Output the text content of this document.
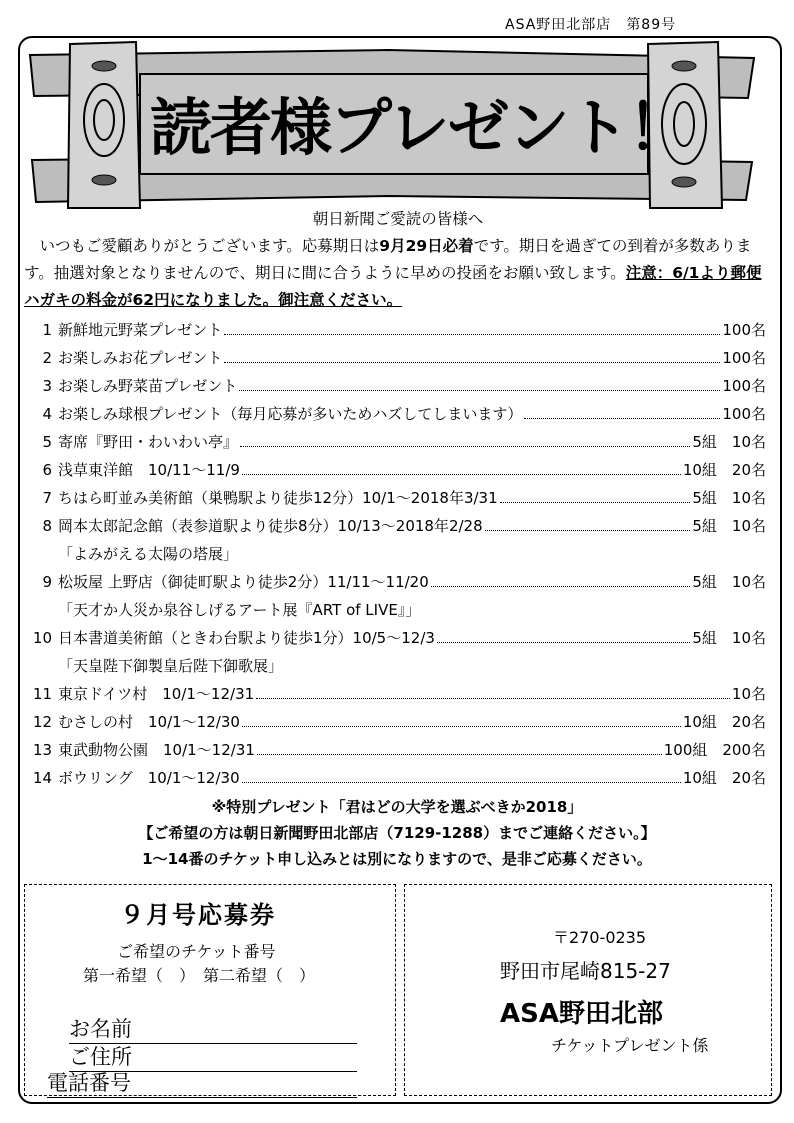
ASA野田北部店　 第89号
読者様プレゼント！
朝日新聞ご愛読の皆様へ
　いつもご愛顧ありがとうございます。応募期日は9月29日必着です。期日を過ぎての到着が多数あります。抽選対象となりませんので、期日に間に合うように早めの投函をお願い致します。注意：6/1より郵便ハガキの料金が62円になりました。御注意ください。
1 新鮮地元野菜プレゼント	100名
2 お楽しみお花プレゼント	100名
3 お楽しみ野菜苗プレゼント	100名
4 お楽しみ球根プレゼント（毎月応募が多いためハズしてしまいます）	100名
5 寄席『野田・わいわい亭』	5組　10名
6 浅草東洋館　10/11～11/9	10組　20名
7 ちはら町並み美術館（巣鴨駅より徒歩12分）10/1～2018年3/31	5組　10名
8 岡本太郎記念館（表参道駅より徒歩8分）10/13～2018年2/28	5組　10名
「よみがえる太陽の塔展」
9 松坂屋 上野店（御徒町駅より徒歩2分）11/11～11/20	5組　10名
「天才か人災か泉谷しげるアート展『ART of LIVE』」
10 日本書道美術館（ときわ台駅より徒歩1分）10/5～12/3	5組　10名
「天皇陛下御製皇后陛下御歌展」
11 東京ドイツ村　10/1～12/31	10名
12 むさしの村　10/1～12/30	10組　20名
13 東武動物公園　10/1～12/31	100組　200名
14 ボウリング　10/1～12/30	10組　20名
※特別プレゼント「君はどの大学を選ぶべきか2018」
【ご希望の方は朝日新聞野田北部店（7129-1288）までご連絡ください。】
1～14番のチケット申し込みとは別になりますので、是非ご応募ください。
９月号応募券
ご希望のチケット番号
第一希望（　）　第二希望（　）
お名前
ご住所
電話番号
〒270-0235
野田市尾崎815-27
ASA野田北部
チケットプレゼント係
